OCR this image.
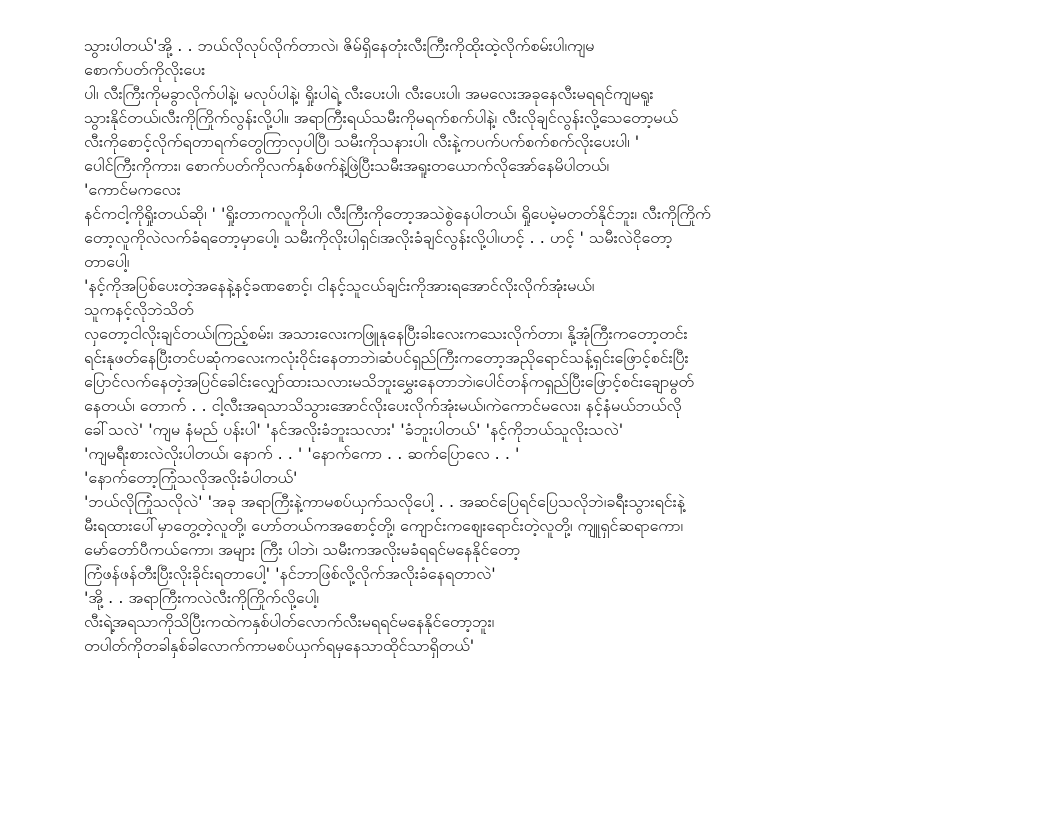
သွားပါတယ်'အို့ . . ဘယ်လိုလုပ်လိုက်တာလဲ၊ ဇိမ်ရှိနေတုံးလီးကြီးကိုထိုးထဲ့လိုက်စမ်းပါ၊ကျမ
စောက်ပတ်ကိုလိုးပေး
ပါ၊ လီးကြီးကိုမခွာလိုက်ပါနဲ့၊ မလုပ်ပါနဲ့၊ ရှိုးပါရဲ့ လီးပေးပါ၊ လီးပေးပါ၊ အမလေးအခုနေလီးမရရင်ကျမရူး
သွားနိုင်တယ်၊လီးကိုကြိုက်လွန်းလို့ပါ။ အရာကြီးရယ်သမီးကိုမရက်စက်ပါနဲ့၊ လီးလိုချင်လွန်းလို့သေတော့မယ်
လီးကိုစောင့်လိုက်ရတာရက်တွေကြာလှပါပြီ၊ သမီးကိုသနားပါ၊ လီးနဲ့ကပက်ပက်စက်စက်လိုးပေးပါ၊ '
ပေါင်ကြီးကိုကား၊ စောက်ပတ်ကိုလက်နှစ်ဖက်နဲ့ဖြဲပြီးသမီးအရူးတယောက်လိုအော်နေမိပါတယ်၊
'ကောင်မကလေး
နင်ကငါ့ကိုရှိုးတယ်ဆို၊ ' 'ရှိုးတာကလူကိုပါ၊ လီးကြီးကိုတော့အသဲစွဲနေပါတယ်၊ ရှိုပေမဲ့မတတ်နိုင်ဘူး၊ လီးကိုကြိုက်
တော့လူကိုလဲလက်ခံရတော့မှာပေါ့၊ သမီးကိုလိုးပါရှင်၊အလိုးခံချင်လွန်းလို့ပါ၊ဟင့် . . ဟင့် ' သမီးလဲငိုတော့
တာပေါ့၊
'နင့်ကိုအပြစ်ပေးတဲ့အနေနဲ့နင့်ခဏစောင့်၊ ငါနင့်သူငယ်ချင်းကိုအားရအောင်လိုးလိုက်အုံးမယ်၊
သူကနင့်လိုဘဲသိတ်
လှတော့ငါလိုးချင်တယ်၊ကြည့်စမ်း၊ အသားလေးကဖြူနုနေပြီးခါးလေးကသေးလိုက်တာ၊ နို့အုံကြီးကတော့တင်း
ရင်းနုဖတ်နေပြီးတင်ပဆုံကလေးကလုံးဝိုင်းနေတာဘဲ၊ဆံပင်ရှည်ကြီးကတော့အညိုရောင်သန့်ရှင်းဖြောင့်စင်းပြီး
ပြောင်လက်နေတဲ့အပြင်ခေါင်းလျှော်ထားသလားမသိဘူးမွှေးနေတာဘဲ၊ပေါင်တန်ကရှည်ပြီးဖြောင့်စင်းချောမွတ်
နေတယ်၊ တောက် . . ငါ့လီးအရသာသိသွားအောင်လိုးပေးလိုက်အုံးမယ်၊ကဲကောင်မလေး၊ နင့်နံမယ်ဘယ်လို
ခေါ်သလဲ' 'ကျမ နံမည် ပန်းပါ' 'နင်အလိုးခံဘူးသလား' 'ခံဘူးပါတယ်' 'နင့်ကိုဘယ်သူလိုးသလဲ'
'ကျမရီးစားလဲလိုးပါတယ်၊ နောက် . . ' 'နောက်ကော . . ဆက်ပြောလေ . . '
'နောက်တော့ကြုံသလိုအလိုးခံပါတယ်'
'ဘယ်လိုကြုံသလိုလဲ' 'အခု အရာကြီးနဲ့ကာမစပ်ယှက်သလိုပေါ့ . . အဆင်ပြေရင်ပြေသလိုဘဲ၊ခရီးသွားရင်းနဲ့
မီးရထားပေါ်မှာတွေ့တဲ့လူတို့၊ ဟော်တယ်ကအစောင့်တို့၊ ကျောင်းကစျေးရောင်းတဲ့လူတို့၊ ကျူရှင်ဆရာကော၊
မော်တော်ပီကယ်ကော၊ အများ ကြီး ပါဘဲ၊ သမီးကအလိုးမခံရရင်မနေနိုင်တော့
ကြံဖန်ဖန်တီးပြီးလိုးခိုင်းရတာပေါ့' 'နင်ဘာဖြစ်လို့လိုက်အလိုးခံနေရတာလဲ'
'အို့ . . အရာကြီးကလဲလီးကိုကြိုက်လို့ပေါ့၊
လီးရဲ့အရသာကိုသိပြီးကထဲကနှစ်ပါတ်လောက်လီးမရရင်မနေနိုင်တော့ဘူး၊
တပါတ်ကိုတခါနှစ်ခါလောက်ကာမစပ်ယှက်ရမှနေသာထိုင်သာရှိတယ်'
